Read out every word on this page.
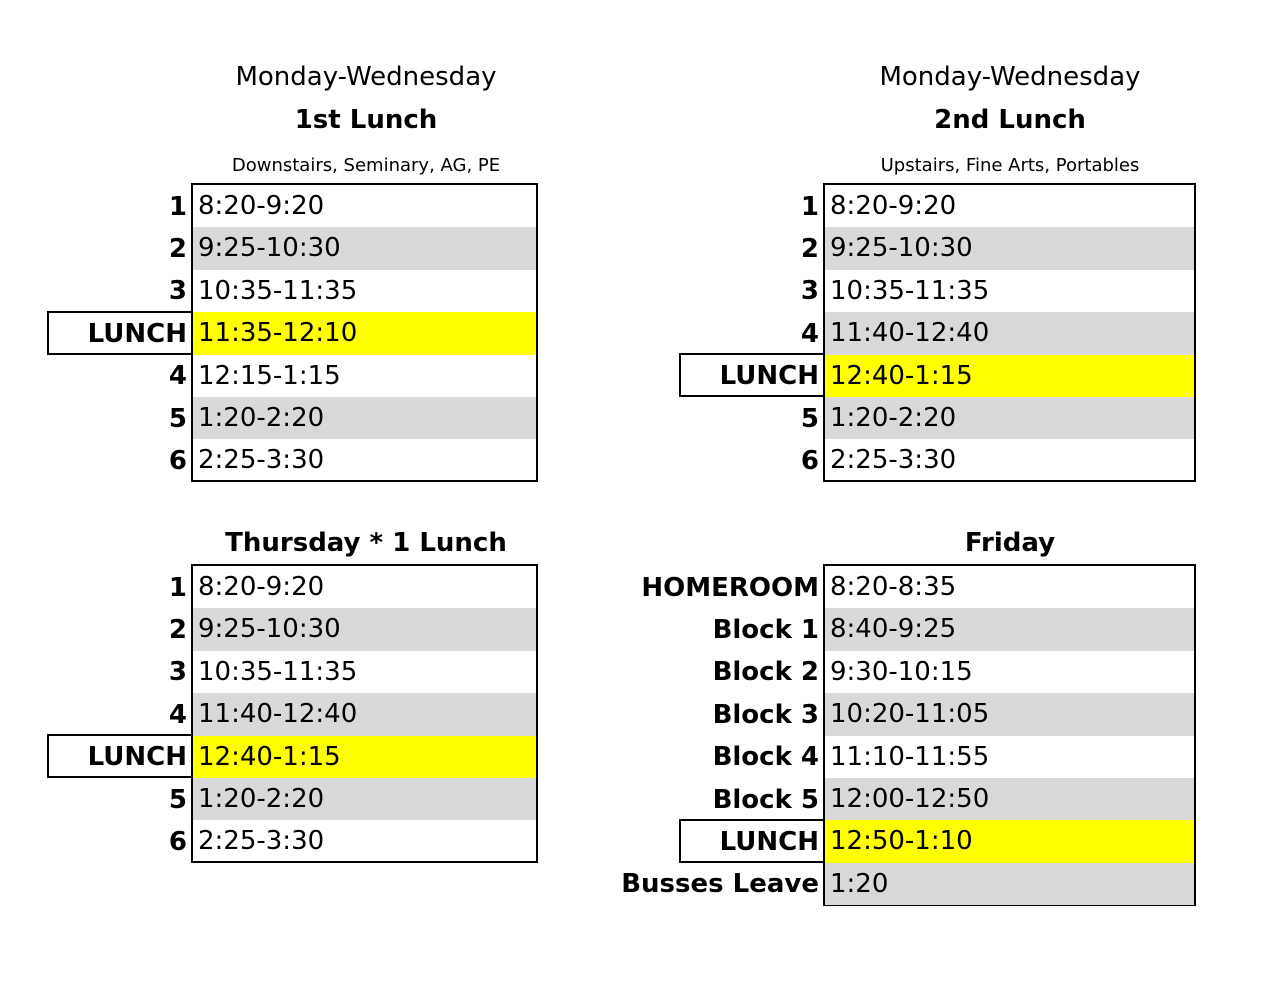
Monday-Wednesday
1st Lunch
Downstairs, Seminary, AG, PE
1
2
3
LUNCH
4
5
6
8:20-9:20
9:25-10:30
10:35-11:35
11:35-12:10
12:15-1:15
1:20-2:20
2:25-3:30
Monday-Wednesday
2nd Lunch
Upstairs, Fine Arts, Portables
1
2
3
4
LUNCH
5
6
8:20-9:20
9:25-10:30
10:35-11:35
11:40-12:40
12:40-1:15
1:20-2:20
2:25-3:30
Thursday * 1 Lunch
1
2
3
4
LUNCH
5
6
8:20-9:20
9:25-10:30
10:35-11:35
11:40-12:40
12:40-1:15
1:20-2:20
2:25-3:30
Friday
HOMEROOM
Block 1
Block 2
Block 3
Block 4
Block 5
LUNCH
Busses Leave
8:20-8:35
8:40-9:25
9:30-10:15
10:20-11:05
11:10-11:55
12:00-12:50
12:50-1:10
1:20
